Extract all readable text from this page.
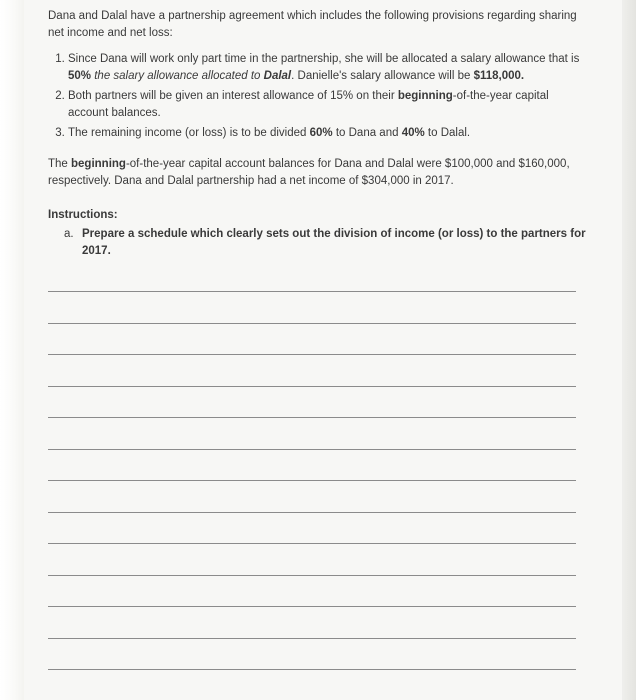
Dana and Dalal have a partnership agreement which includes the following provisions regarding sharing net income and net loss:

1. Since Dana will work only part time in the partnership, she will be allocated a salary allowance that is 50% the salary allowance allocated to Dalal. Danielle's salary allowance will be $118,000.
2. Both partners will be given an interest allowance of 15% on their beginning-of-the-year capital account balances.
3. The remaining income (or loss) is to be divided 60% to Dana and 40% to Dalal.

The beginning-of-the-year capital account balances for Dana and Dalal were $100,000 and $160,000, respectively. Dana and Dalal partnership had a net income of $304,000 in 2017.

Instructions:

a. Prepare a schedule which clearly sets out the division of income (or loss) to the partners for 2017.
